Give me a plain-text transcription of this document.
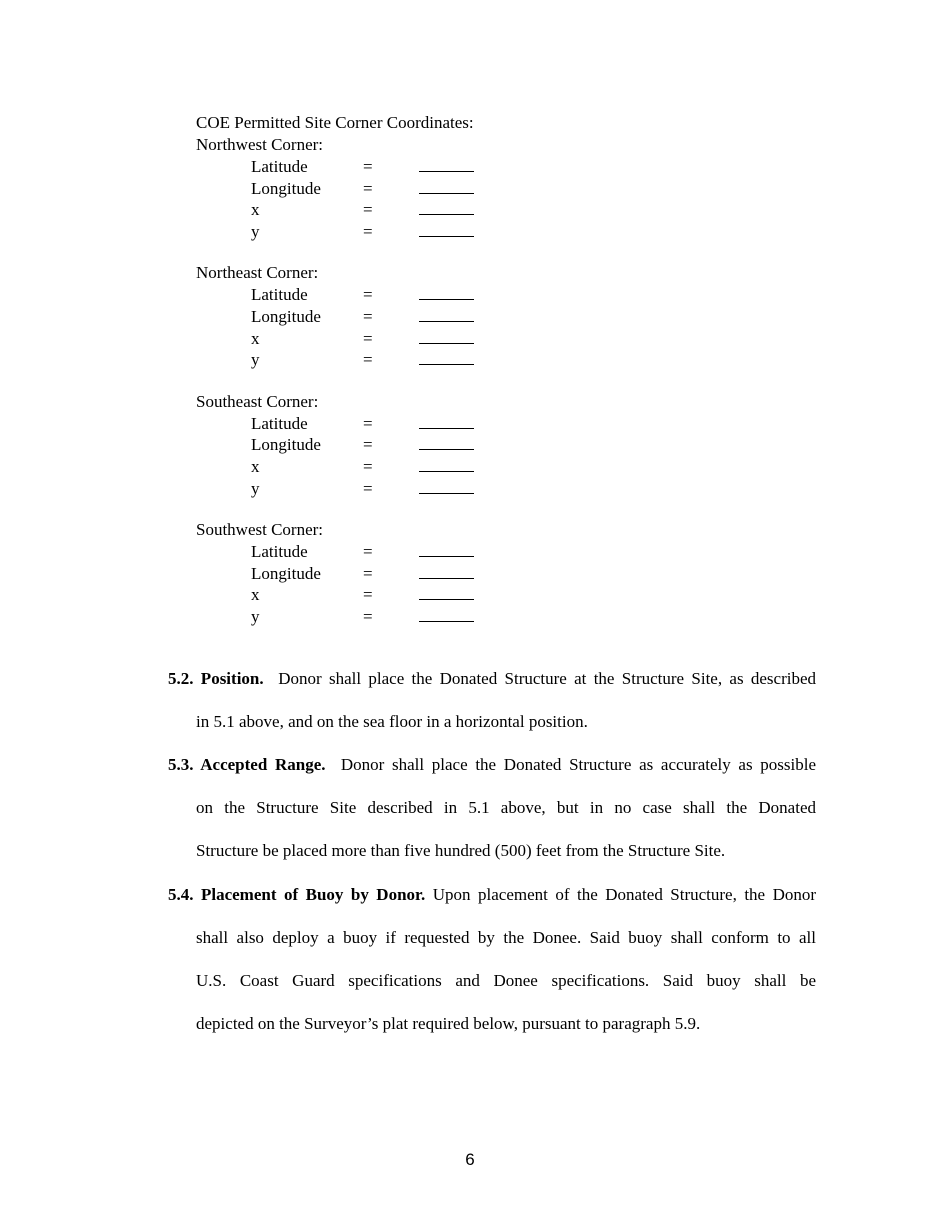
COE Permitted Site Corner Coordinates:
Northwest Corner:
Latitude	=
Longitude =
x	=
y	=
Northeast Corner:
Latitude	=
Longitude =
x	=
y	=
Southeast Corner:
Latitude	=
Longitude =
x	=
y	=
Southwest Corner:
Latitude	=
Longitude =
x	=
y	=
5.2. Position. Donor shall place the Donated Structure at the Structure Site, as described
in 5.1 above, and on the sea floor in a horizontal position.
5.3. Accepted Range. Donor shall place the Donated Structure as accurately as possible
on the Structure Site described in 5.1 above, but in no case shall the Donated
Structure be placed more than five hundred (500) feet from the Structure Site.
5.4. Placement of Buoy by Donor. Upon placement of the Donated Structure, the Donor
shall also deploy a buoy if requested by the Donee. Said buoy shall conform to all
U.S. Coast Guard specifications and Donee specifications. Said buoy shall be
depicted on the Surveyor’s plat required below, pursuant to paragraph 5.9.
6
